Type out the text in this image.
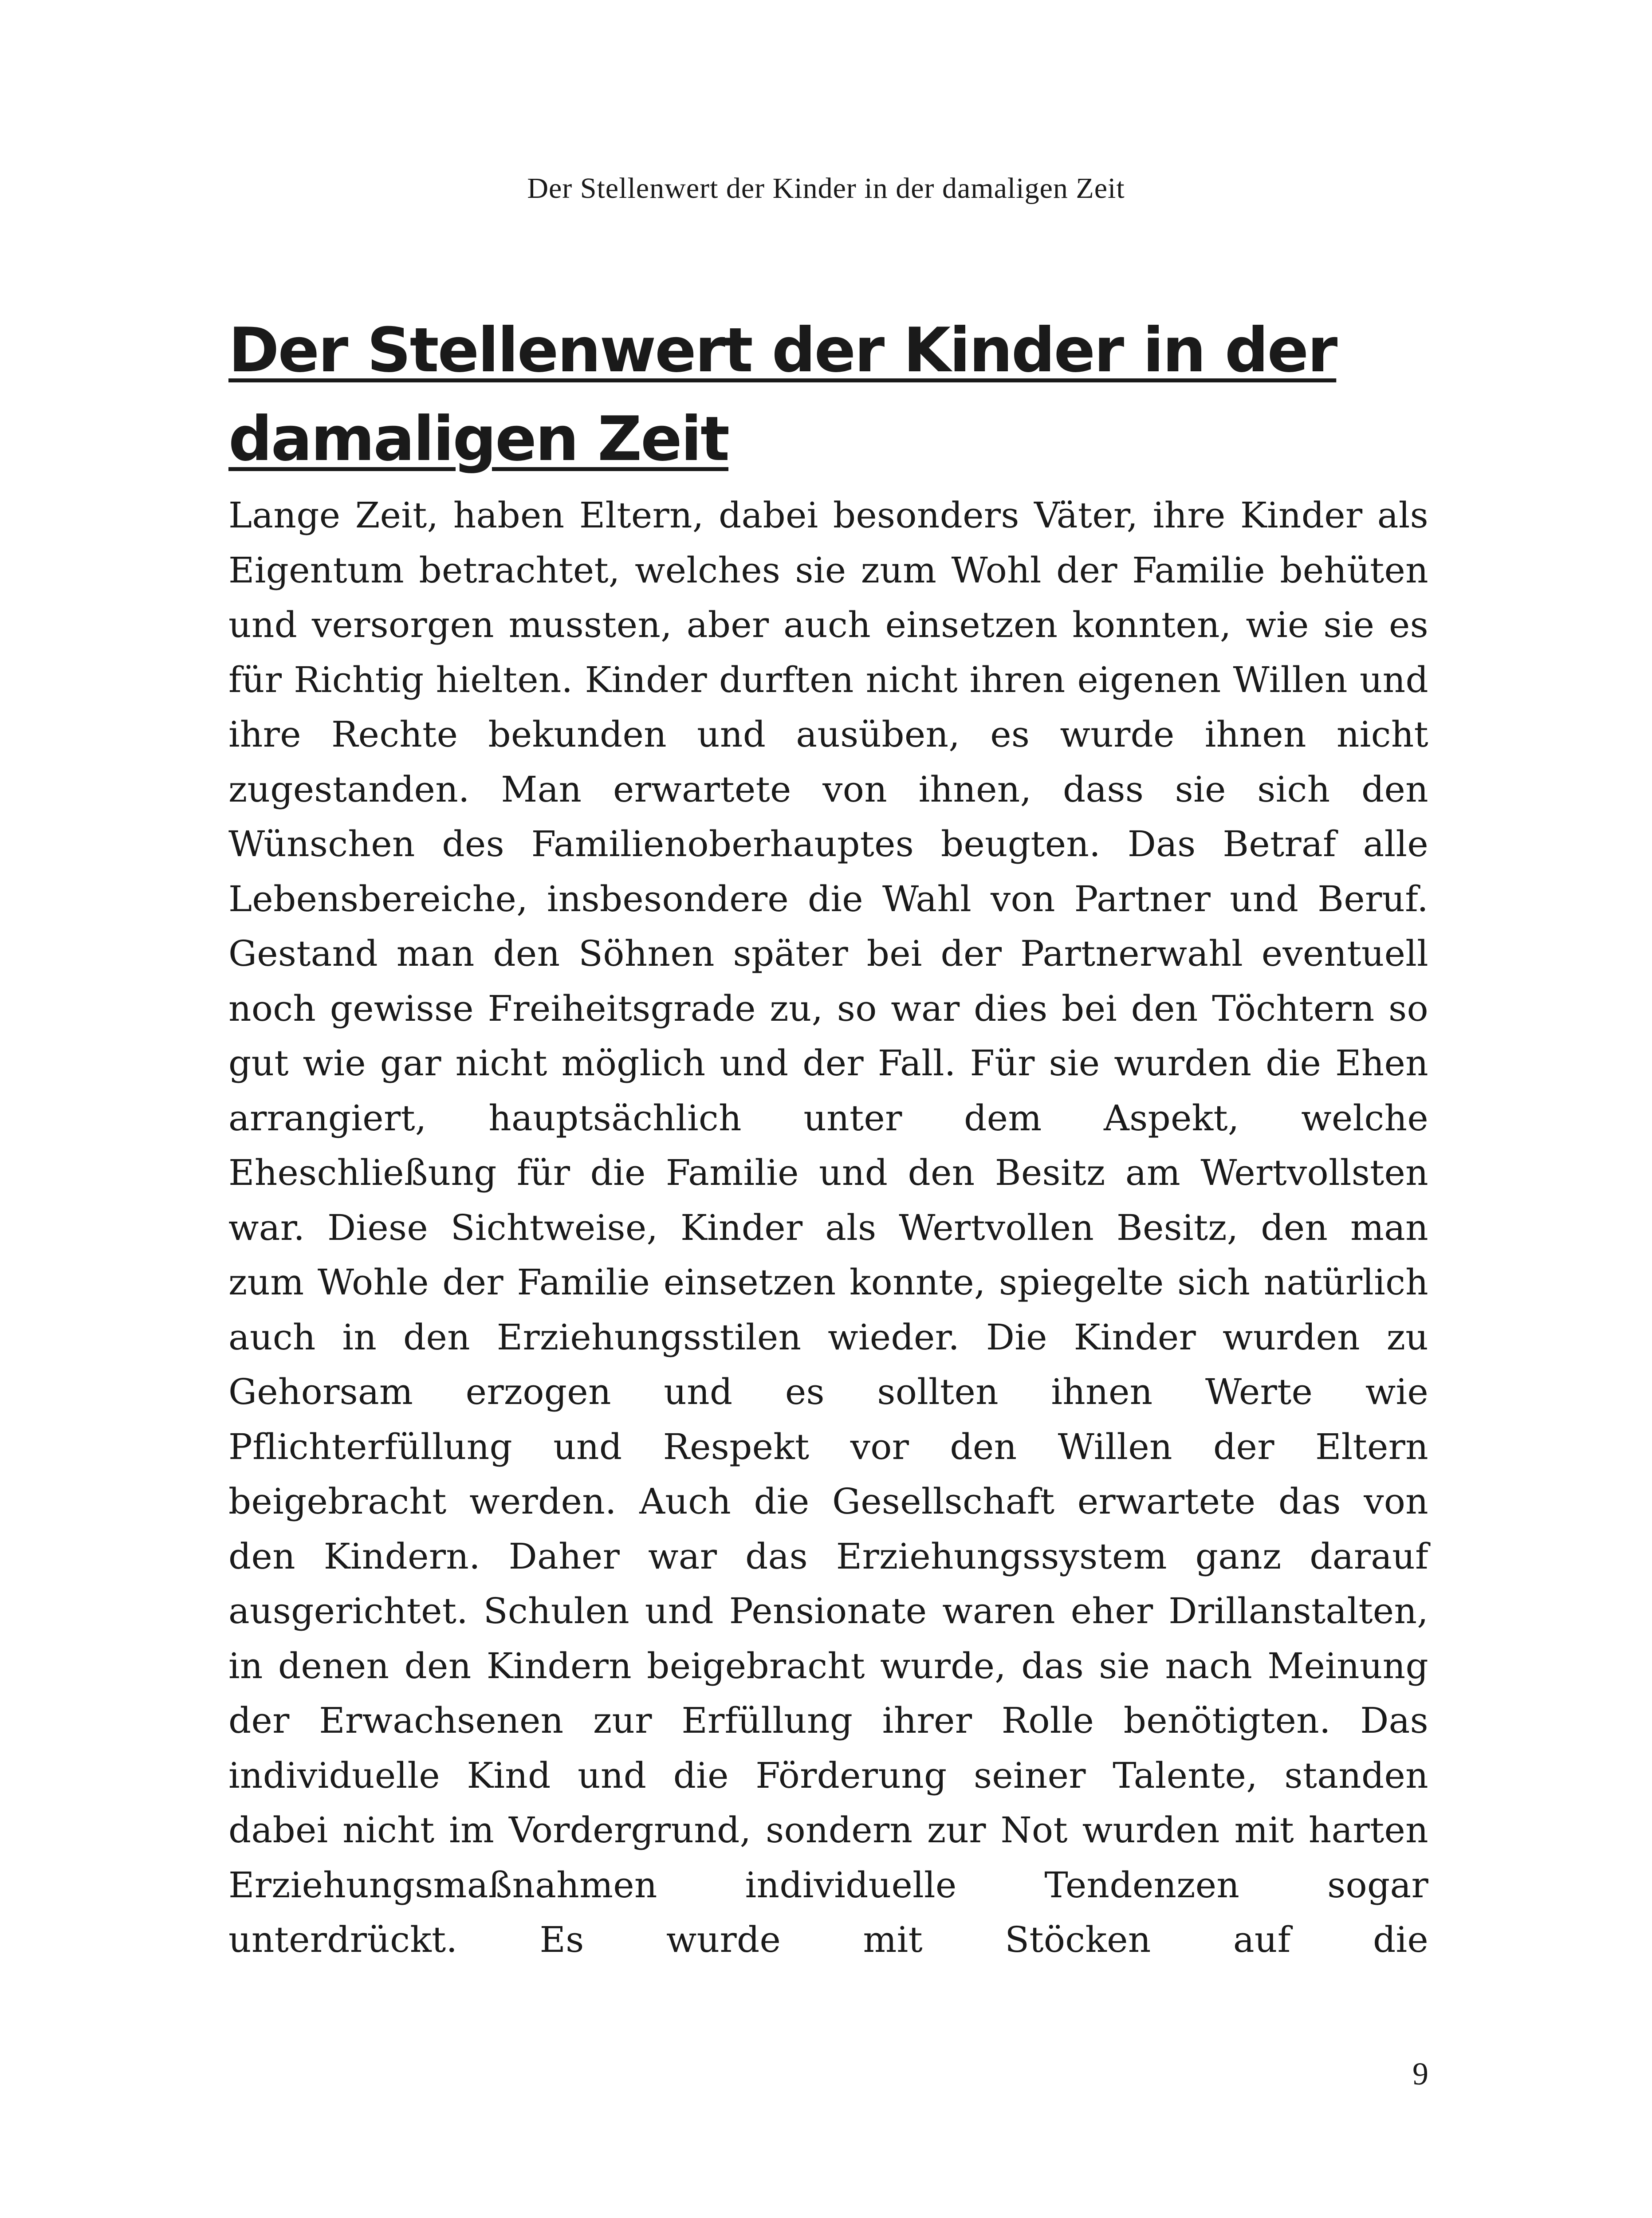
Der Stellenwert der Kinder in der damaligen Zeit
Der Stellenwert der Kinder in der damaligen Zeit

Lange Zeit, haben Eltern, dabei besonders Väter, ihre Kinder als Eigentum betrachtet, welches sie zum Wohl der Familie behüten und versorgen mussten, aber auch einsetzen konnten, wie sie es für Richtig hielten. Kinder durften nicht ihren eigenen Willen und ihre Rechte bekunden und ausüben, es wurde ihnen nicht zugestanden. Man erwartete von ihnen, dass sie sich den Wünschen des Familienoberhauptes beugten. Das Betraf alle Lebensbereiche, insbesondere die Wahl von Partner und Beruf. Gestand man den Söhnen später bei der Partnerwahl eventuell noch gewisse Freiheitsgrade zu, so war dies bei den Töchtern so gut wie gar nicht möglich und der Fall. Für sie wurden die Ehen arrangiert, hauptsächlich unter dem Aspekt, welche Eheschließung für die Familie und den Besitz am Wertvollsten war. Diese Sichtweise, Kinder als Wertvollen Besitz, den man zum Wohle der Familie einsetzen konnte, spiegelte sich natürlich auch in den Erziehungsstilen wieder. Die Kinder wurden zu Gehorsam erzogen und es sollten ihnen Werte wie Pflichterfüllung und Respekt vor den Willen der Eltern beigebracht werden. Auch die Gesellschaft erwartete das von den Kindern. Daher war das Erziehungssystem ganz darauf ausgerichtet. Schulen und Pensionate waren eher Drillanstalten, in denen den Kindern beigebracht wurde, das sie nach Meinung der Erwachsenen zur Erfüllung ihrer Rolle benötigten. Das individuelle Kind und die Förderung seiner Talente, standen dabei nicht im Vordergrund, sondern zur Not wurden mit harten Erziehungsmaßnahmen individuelle Tendenzen sogar unterdrückt. Es wurde mit Stöcken auf die

9
